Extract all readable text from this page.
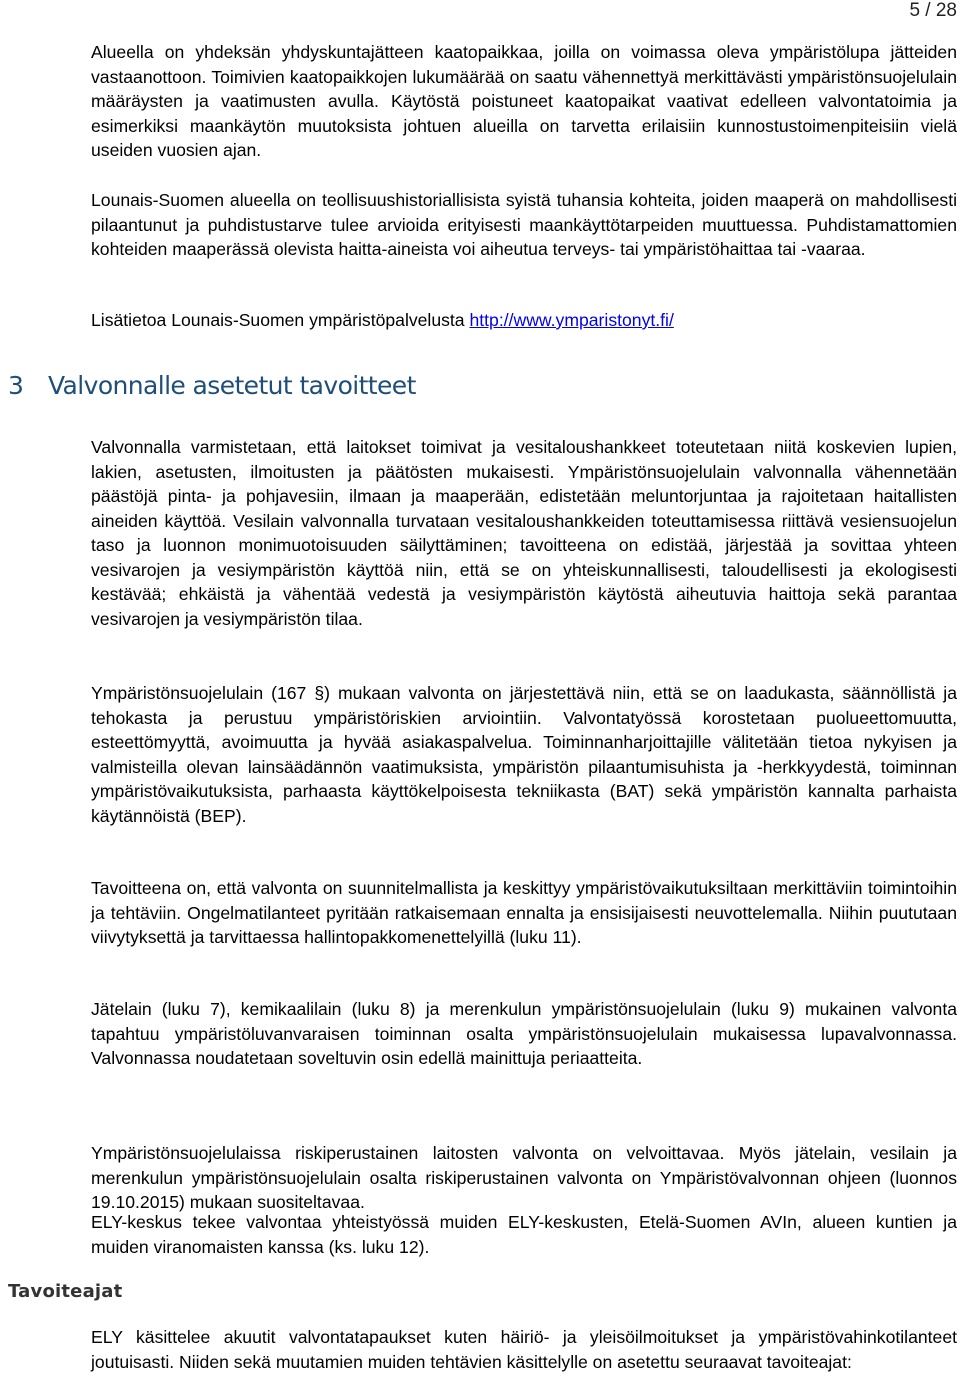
5 / 28

Alueella on yhdeksän yhdyskuntajätteen kaatopaikkaa, joilla on voimassa oleva ympäristölupa jätteiden vastaanottoon. Toimivien kaatopaikkojen lukumäärää on saatu vähennettyä merkittävästi ympäristönsuojelulain määräysten ja vaatimusten avulla. Käytöstä poistuneet kaatopaikat vaativat edelleen valvontatoimia ja esimerkiksi maankäytön muutoksista johtuen alueilla on tarvetta erilaisiin kunnostustoimenpiteisiin vielä useiden vuosien ajan.

Lounais-Suomen alueella on teollisuushistoriallisista syistä tuhansia kohteita, joiden maaperä on mahdollisesti pilaantunut ja puhdistustarve tulee arvioida erityisesti maankäyttötarpeiden muuttuessa. Puhdistamattomien kohteiden maaperässä olevista haitta-aineista voi aiheutua terveys- tai ympäristöhaittaa tai -vaaraa.

Lisätietoa Lounais-Suomen ympäristöpalvelusta http://www.ymparistonyt.fi/

3 Valvonnalle asetetut tavoitteet

Valvonnalla varmistetaan, että laitokset toimivat ja vesitaloushankkeet toteutetaan niitä koskevien lupien, lakien, asetusten, ilmoitusten ja päätösten mukaisesti. Ympäristönsuojelulain valvonnalla vähennetään päästöjä pinta- ja pohjavesiin, ilmaan ja maaperään, edistetään meluntorjuntaa ja rajoitetaan haitallisten aineiden käyttöä. Vesilain valvonnalla turvataan vesitaloushankkeiden toteuttamisessa riittävä vesiensuojelun taso ja luonnon monimuotoisuuden säilyttäminen; tavoitteena on edistää, järjestää ja sovittaa yhteen vesivarojen ja vesiympäristön käyttöä niin, että se on yhteiskunnallisesti, taloudellisesti ja ekologisesti kestävää; ehkäistä ja vähentää vedestä ja vesiympäristön käytöstä aiheutuvia haittoja sekä parantaa vesivarojen ja vesiympäristön tilaa.

Ympäristönsuojelulain (167 §) mukaan valvonta on järjestettävä niin, että se on laadukasta, säännöllistä ja tehokasta ja perustuu ympäristöriskien arviointiin. Valvontatyössä korostetaan puolueettomuutta, esteettömyyttä, avoimuutta ja hyvää asiakaspalvelua. Toiminnanharjoittajille välitetään tietoa nykyisen ja valmisteilla olevan lainsäädännön vaatimuksista, ympäristön pilaantumisuhista ja -herkkyydestä, toiminnan ympäristövaikutuksista, parhaasta käyttökelpoisesta tekniikasta (BAT) sekä ympäristön kannalta parhaista käytännöistä (BEP).

Tavoitteena on, että valvonta on suunnitelmallista ja keskittyy ympäristövaikutuksiltaan merkittäviin toimintoihin ja tehtäviin. Ongelmatilanteet pyritään ratkaisemaan ennalta ja ensisijaisesti neuvottelemalla. Niihin puututaan viivytyksettä ja tarvittaessa hallintopakkomenettelyillä (luku 11).

Jätelain (luku 7), kemikaalilain (luku 8) ja merenkulun ympäristönsuojelulain (luku 9) mukainen valvonta tapahtuu ympäristöluvanvaraisen toiminnan osalta ympäristönsuojelulain mukaisessa lupavalvonnassa. Valvonnassa noudatetaan soveltuvin osin edellä mainittuja periaatteita.

Ympäristönsuojelulaissa riskiperustainen laitosten valvonta on velvoittavaa. Myös jätelain, vesilain ja merenkulun ympäristönsuojelulain osalta riskiperustainen valvonta on Ympäristövalvonnan ohjeen (luonnos 19.10.2015) mukaan suositeltavaa.

ELY-keskus tekee valvontaa yhteistyössä muiden ELY-keskusten, Etelä-Suomen AVIn, alueen kuntien ja muiden viranomaisten kanssa (ks. luku 12).

Tavoiteajat

ELY käsittelee akuutit valvontatapaukset kuten häiriö- ja yleisöilmoitukset ja ympäristövahinkotilanteet joutuisasti. Niiden sekä muutamien muiden tehtävien käsittelylle on asetettu seuraavat tavoiteajat:
